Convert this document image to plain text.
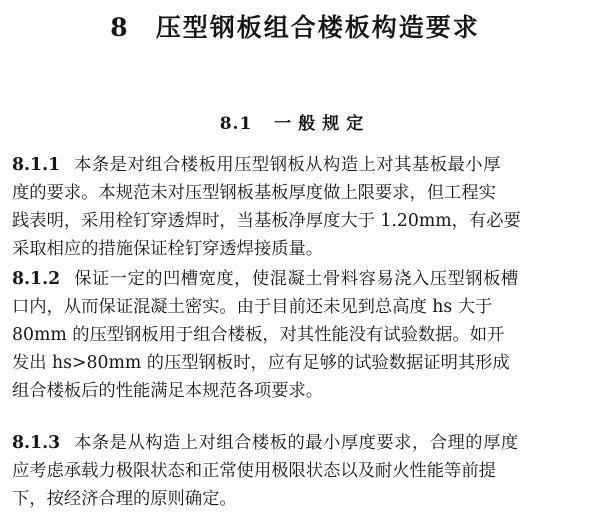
8 压型钢板组合楼板构造要求
8.1 一般规定
8.1.1 本条是对组合楼板用压型钢板从构造上对其基板最小厚
度的要求。本规范未对压型钢板基板厚度做上限要求，但工程实
践表明，采用栓钉穿透焊时，当基板净厚度大于 1.20mm，有必要
采取相应的措施保证栓钉穿透焊接质量。
8.1.2 保证一定的凹槽宽度，使混凝土骨料容易浇入压型钢板槽
口内，从而保证混凝土密实。由于目前还未见到总高度 hs 大于
80mm 的压型钢板用于组合楼板，对其性能没有试验数据。如开
发出 hs>80mm 的压型钢板时，应有足够的试验数据证明其形成
组合楼板后的性能满足本规范各项要求。
8.1.3 本条是从构造上对组合楼板的最小厚度要求，合理的厚度
应考虑承载力极限状态和正常使用极限状态以及耐火性能等前提
下，按经济合理的原则确定。
